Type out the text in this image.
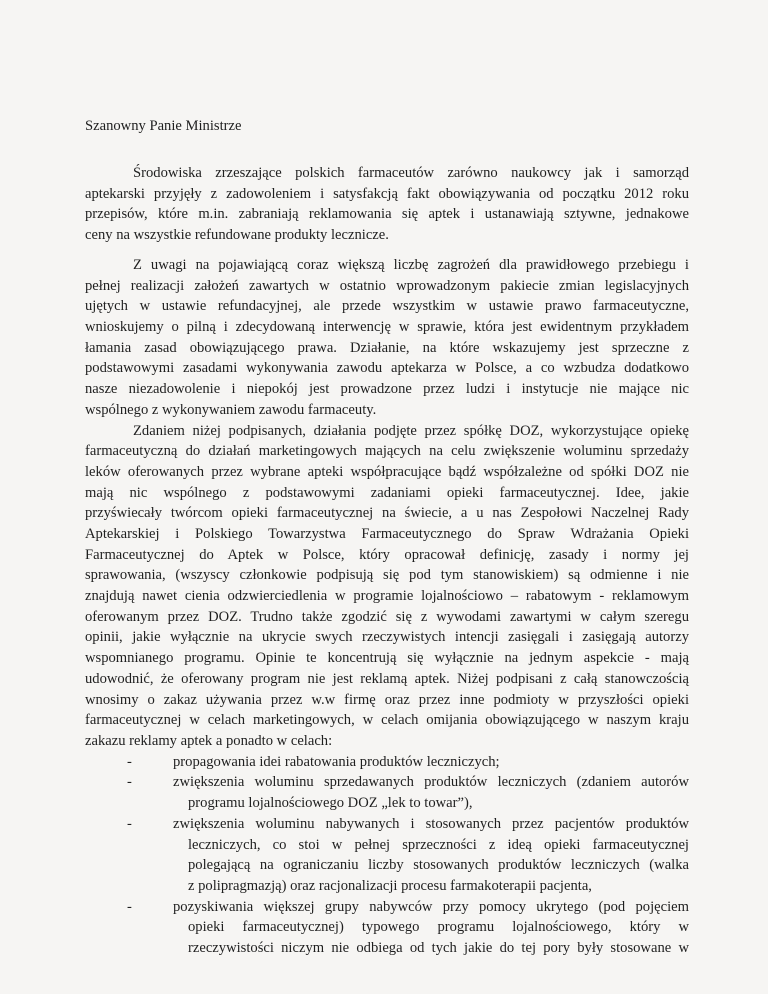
Szanowny Panie Ministrze

Środowiska zrzeszające polskich farmaceutów zarówno naukowcy jak i samorząd
aptekarski przyjęły z zadowoleniem i satysfakcją fakt obowiązywania od początku 2012 roku
przepisów, które m.in. zabraniają reklamowania się aptek i ustanawiają sztywne, jednakowe
ceny na wszystkie refundowane produkty lecznicze.
Z uwagi na pojawiającą coraz większą liczbę zagrożeń dla prawidłowego przebiegu i
pełnej realizacji założeń zawartych w ostatnio wprowadzonym pakiecie zmian legislacyjnych
ujętych w ustawie refundacyjnej, ale przede wszystkim w ustawie prawo farmaceutyczne,
wnioskujemy o pilną i zdecydowaną interwencję w sprawie, która jest ewidentnym przykładem
łamania zasad obowiązującego prawa. Działanie, na które wskazujemy jest sprzeczne z
podstawowymi zasadami wykonywania zawodu aptekarza w Polsce, a co wzbudza dodatkowo
nasze niezadowolenie i niepokój jest prowadzone przez ludzi i instytucje nie mające nic
wspólnego z wykonywaniem zawodu farmaceuty.
Zdaniem niżej podpisanych, działania podjęte przez spółkę DOZ, wykorzystujące opiekę
farmaceutyczną do działań marketingowych mających na celu zwiększenie woluminu sprzedaży
leków oferowanych przez wybrane apteki współpracujące bądź współzależne od spółki DOZ nie
mają nic wspólnego z podstawowymi zadaniami opieki farmaceutycznej. Idee, jakie
przyświecały twórcom opieki farmaceutycznej na świecie, a u nas Zespołowi Naczelnej Rady
Aptekarskiej i Polskiego Towarzystwa Farmaceutycznego do Spraw Wdrażania Opieki
Farmaceutycznej do Aptek w Polsce, który opracował definicję, zasady i normy jej
sprawowania, (wszyscy członkowie podpisują się pod tym stanowiskiem) są odmienne i nie
znajdują nawet cienia odzwierciedlenia w programie lojalnościowo – rabatowym - reklamowym
oferowanym przez DOZ. Trudno także zgodzić się z wywodami zawartymi w całym szeregu
opinii, jakie wyłącznie na ukrycie swych rzeczywistych intencji zasięgali i zasięgają autorzy
wspomnianego programu. Opinie te koncentrują się wyłącznie na jednym aspekcie - mają
udowodnić, że oferowany program nie jest reklamą aptek. Niżej podpisani z całą stanowczością
wnosimy o zakaz używania przez w.w firmę oraz przez inne podmioty w przyszłości opieki
farmaceutycznej w celach marketingowych, w celach omijania obowiązującego w naszym kraju
zakazu reklamy aptek a ponadto w celach:
-	propagowania idei rabatowania produktów leczniczych;
-	zwiększenia woluminu sprzedawanych produktów leczniczych (zdaniem autorów
programu lojalnościowego DOZ „lek to towar”),
-	zwiększenia woluminu nabywanych i stosowanych przez pacjentów produktów
leczniczych, co stoi w pełnej sprzeczności z ideą opieki farmaceutycznej
polegającą na ograniczaniu liczby stosowanych produktów leczniczych (walka
z polipragmazją) oraz racjonalizacji procesu farmakoterapii pacjenta,
-	pozyskiwania większej grupy nabywców przy pomocy ukrytego (pod pojęciem
opieki farmaceutycznej) typowego programu lojalnościowego, który w
rzeczywistości niczym nie odbiega od tych jakie do tej pory były stosowane w
